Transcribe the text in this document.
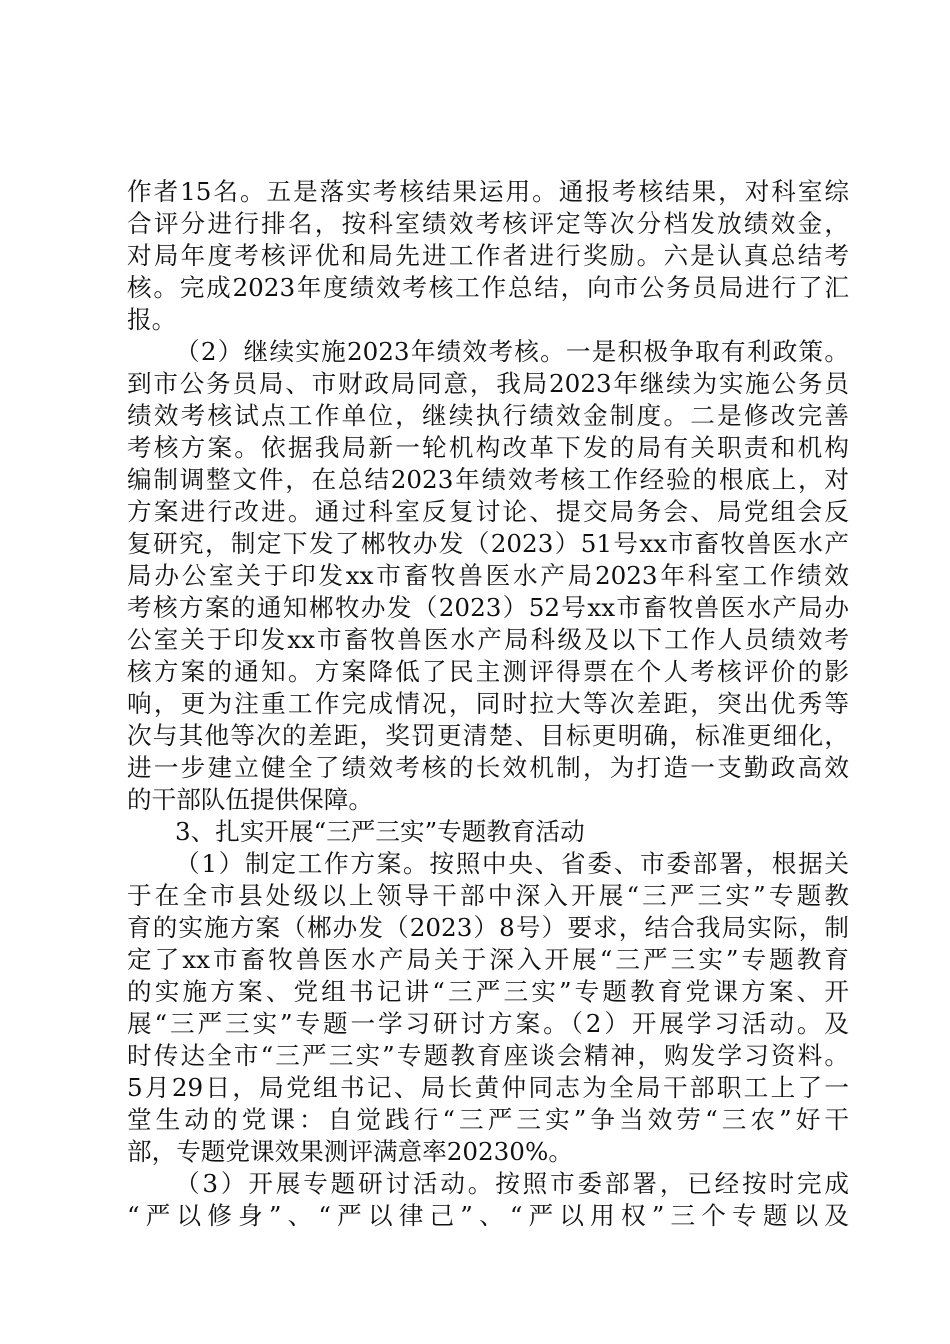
作者15名。五是落实考核结果运用。通报考核结果，对科室综
合评分进行排名，按科室绩效考核评定等次分档发放绩效金，
对局年度考核评优和局先进工作者进行奖励。六是认真总结考
核。完成2023年度绩效考核工作总结，向市公务员局进行了汇
报。
（2）继续实施2023年绩效考核。一是积极争取有利政策。
到市公务员局、市财政局同意，我局2023年继续为实施公务员
绩效考核试点工作单位，继续执行绩效金制度。二是修改完善
考核方案。依据我局新一轮机构改革下发的局有关职责和机构
编制调整文件，在总结2023年绩效考核工作经验的根底上，对
方案进行改进。通过科室反复讨论、提交局务会、局党组会反
复研究，制定下发了郴牧办发（2023）51号xx市畜牧兽医水产
局办公室关于印发xx市畜牧兽医水产局2023年科室工作绩效
考核方案的通知郴牧办发（2023）52号xx市畜牧兽医水产局办
公室关于印发xx市畜牧兽医水产局科级及以下工作人员绩效考
核方案的通知。方案降低了民主测评得票在个人考核评价的影
响，更为注重工作完成情况，同时拉大等次差距，突出优秀等
次与其他等次的差距，奖罚更清楚、目标更明确，标准更细化，
进一步建立健全了绩效考核的长效机制，为打造一支勤政高效
的干部队伍提供保障。
3、扎实开展“三严三实”专题教育活动
（1）制定工作方案。按照中央、省委、市委部署，根据关
于在全市县处级以上领导干部中深入开展“三严三实”专题教
育的实施方案（郴办发（2023）8号）要求，结合我局实际，制
定了xx市畜牧兽医水产局关于深入开展“三严三实”专题教育
的实施方案、党组书记讲“三严三实”专题教育党课方案、开
展“三严三实”专题一学习研讨方案。（2）开展学习活动。及
时传达全市“三严三实”专题教育座谈会精神，购发学习资料。
5月29日，局党组书记、局长黄仲同志为全局干部职工上了一
堂生动的党课：自觉践行“三严三实”争当效劳“三农”好干
部，专题党课效果测评满意率20230%。
（3）开展专题研讨活动。按照市委部署，已经按时完成
“严以修身”、“严以律己”、“严以用权”三个专题以及
